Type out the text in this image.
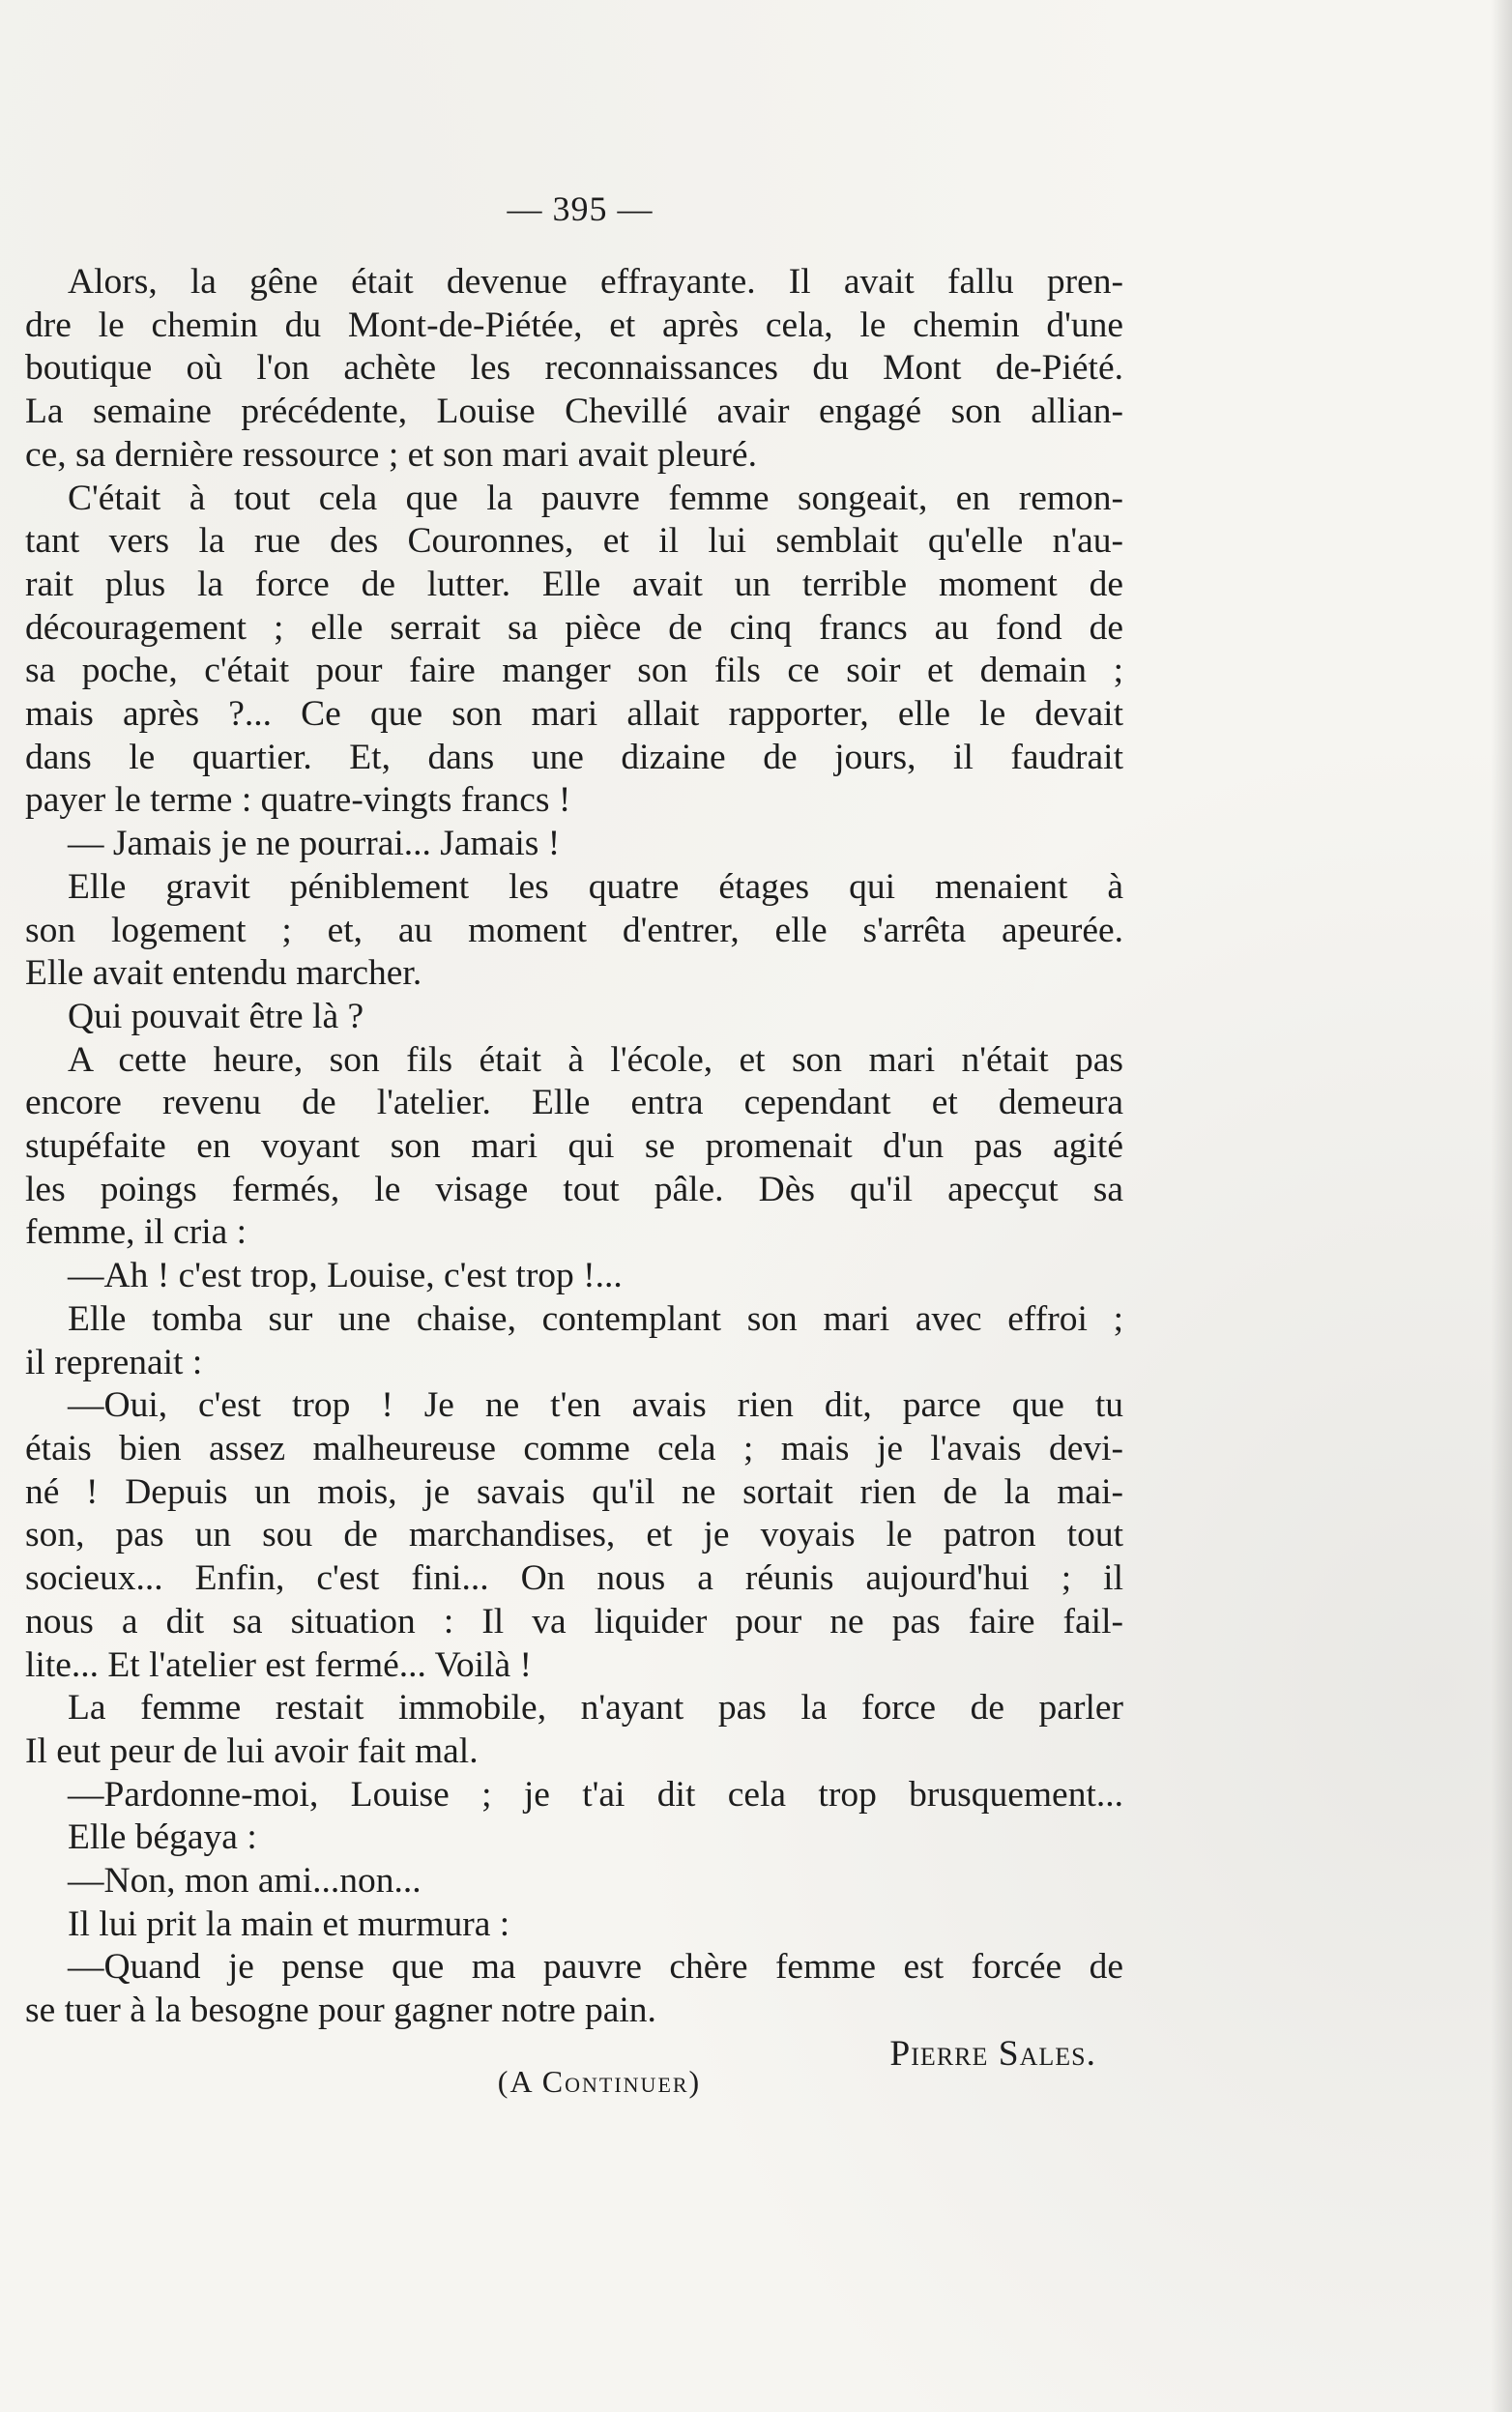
— 395 —
Alors, la gêne était devenue effrayante. Il avait fallu pren-
dre le chemin du Mont-de-Piétée, et après cela, le chemin d'une
boutique où l'on achète les reconnaissances du Mont de-Piété.
La semaine précédente, Louise Chevillé avair engagé son allian-
ce, sa dernière ressource ; et son mari avait pleuré.
C'était à tout cela que la pauvre femme songeait, en remon-
tant vers la rue des Couronnes, et il lui semblait qu'elle n'au-
rait plus la force de lutter. Elle avait un terrible moment de
découragement ; elle serrait sa pièce de cinq francs au fond de
sa poche, c'était pour faire manger son fils ce soir et demain ;
mais après ?... Ce que son mari allait rapporter, elle le devait
dans le quartier. Et, dans une dizaine de jours, il faudrait
payer le terme : quatre-vingts francs !
— Jamais je ne pourrai... Jamais !
Elle gravit péniblement les quatre étages qui menaient à
son logement ; et, au moment d'entrer, elle s'arrêta apeurée.
Elle avait entendu marcher.
Qui pouvait être là ?
A cette heure, son fils était à l'école, et son mari n'était pas
encore revenu de l'atelier. Elle entra cependant et demeura
stupéfaite en voyant son mari qui se promenait d'un pas agité
les poings fermés, le visage tout pâle. Dès qu'il apecçut sa
femme, il cria :
—Ah ! c'est trop, Louise, c'est trop !...
Elle tomba sur une chaise, contemplant son mari avec effroi ;
il reprenait :
—Oui, c'est trop ! Je ne t'en avais rien dit, parce que tu
étais bien assez malheureuse comme cela ; mais je l'avais devi-
né ! Depuis un mois, je savais qu'il ne sortait rien de la mai-
son, pas un sou de marchandises, et je voyais le patron tout
socieux... Enfin, c'est fini... On nous a réunis aujourd'hui ; il
nous a dit sa situation : Il va liquider pour ne pas faire fail-
lite... Et l'atelier est fermé... Voilà !
La femme restait immobile, n'ayant pas la force de parler
Il eut peur de lui avoir fait mal.
—Pardonne-moi, Louise ; je t'ai dit cela trop brusquement...
Elle bégaya :
—Non, mon ami...non...
Il lui prit la main et murmura :
—Quand je pense que ma pauvre chère femme est forcée de
se tuer à la besogne pour gagner notre pain.
Pierre Sales.
(A Continuer)
